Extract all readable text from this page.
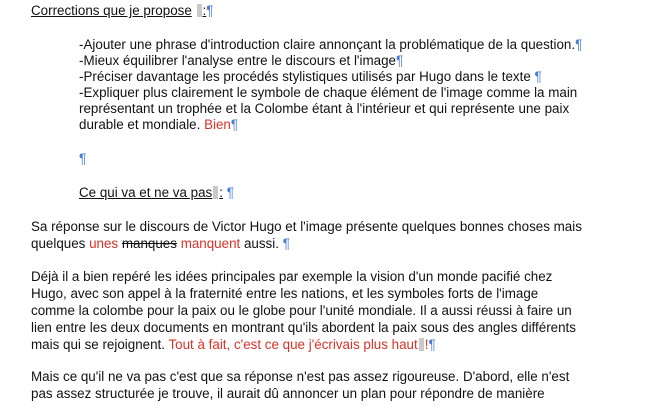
Corrections que je propose :¶
-Ajouter une phrase d'introduction claire annonçant la problématique de la question.¶
-Mieux équilibrer l'analyse entre le discours et l'image¶
-Préciser davantage les procédés stylistiques utilisés par Hugo dans le texte ¶
-Expliquer plus clairement le symbole de chaque élément de l'image comme la main
représentant un trophée et la Colombe étant à l'intérieur et qui représente une paix
durable et mondiale. Bien¶
¶
Ce qui va et ne va pas : ¶
Sa réponse sur le discours de Victor Hugo et l'image présente quelques bonnes choses mais
quelques unes manques manquent aussi. ¶
Déjà il a bien repéré les idées principales par exemple la vision d'un monde pacifié chez
Hugo, avec son appel à la fraternité entre les nations, et les symboles forts de l'image
comme la colombe pour la paix ou le globe pour l'unité mondiale. Il a aussi réussi à faire un
lien entre les deux documents en montrant qu'ils abordent la paix sous des angles différents
mais qui se rejoignent. Tout à fait, c'est ce que j'écrivais plus haut !¶
Mais ce qu'il ne va pas c'est que sa réponse n'est pas assez rigoureuse. D'abord, elle n'est
pas assez structurée je trouve, il aurait dû annoncer un plan pour répondre de manière
